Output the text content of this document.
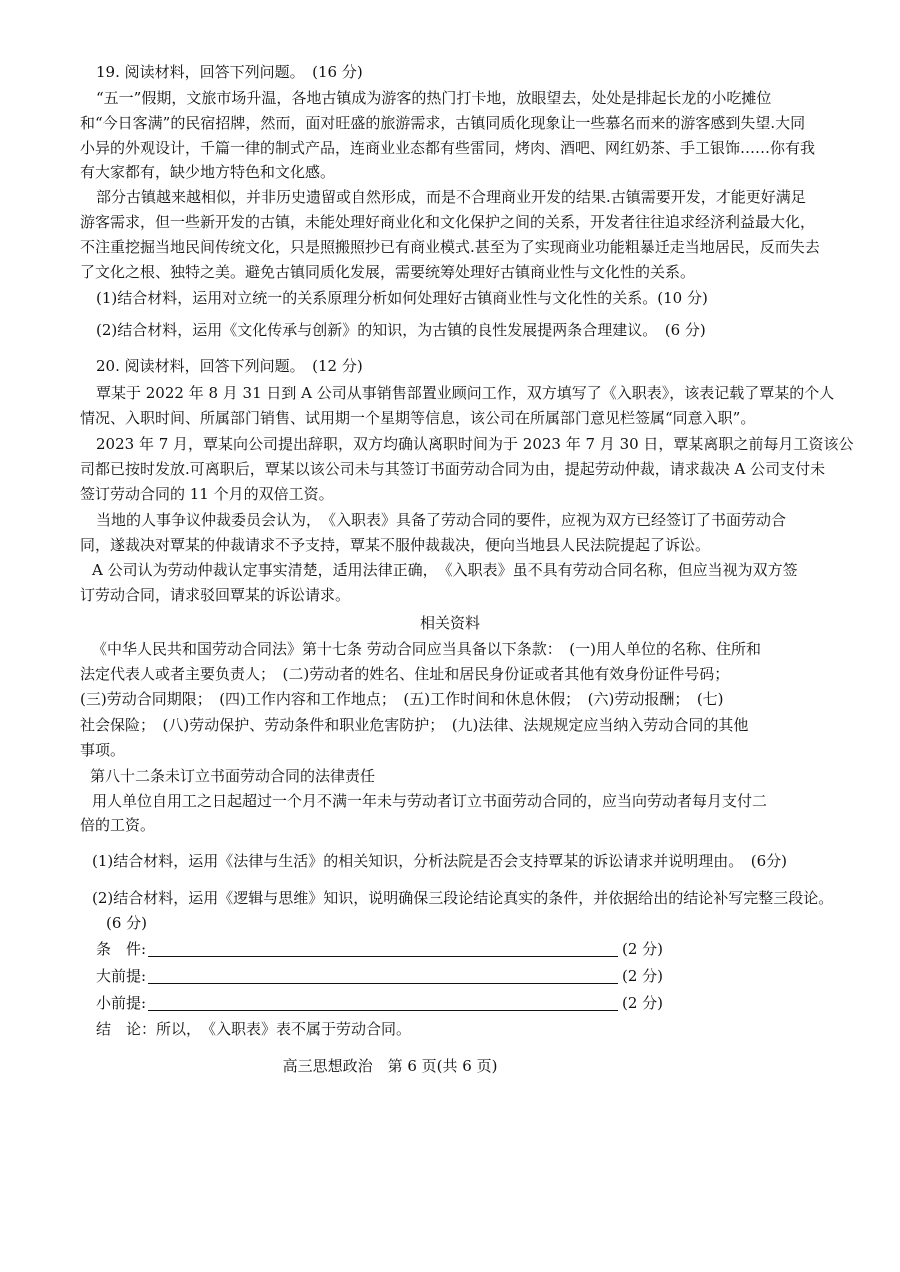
19. 阅读材料，回答下列问题。　(16 分)
“五一”假期，文旅市场升温，各地古镇成为游客的热门打卡地，放眼望去，处处是排起长龙的小吃摊位
和“今日客满”的民宿招牌，然而，面对旺盛的旅游需求，古镇同质化现象让一些慕名而来的游客感到失望.大同
小异的外观设计，千篇一律的制式产品，连商业业态都有些雷同，烤肉、酒吧、网红奶茶、手工银饰……你有我
有大家都有，缺少地方特色和文化感。
部分古镇越来越相似，并非历史遗留或自然形成，而是不合理商业开发的结果.古镇需要开发，才能更好满足
游客需求，但一些新开发的古镇，未能处理好商业化和文化保护之间的关系，开发者往往追求经济利益最大化，
不注重挖掘当地民间传统文化，只是照搬照抄已有商业模式.甚至为了实现商业功能粗暴迁走当地居民，反而失去
了文化之根、独特之美。避免古镇同质化发展，需要统筹处理好古镇商业性与文化性的关系。
(1)结合材料，运用对立统一的关系原理分析如何处理好古镇商业性与文化性的关系。(10 分)
(2)结合材料，运用《文化传承与创新》的知识，为古镇的良性发展提两条合理建议。　(6 分)
20. 阅读材料，回答下列问题。　(12 分)
覃某于 2022 年 8 月 31 日到 A 公司从事销售部置业顾问工作，双方填写了《入职表》，该表记载了覃某的个人
情况、入职时间、所属部门销售、试用期一个星期等信息，该公司在所属部门意见栏签属“同意入职”。
2023 年 7 月，覃某向公司提出辞职，双方均确认离职时间为于 2023 年 7 月 30 日，覃某离职之前每月工资该公
司都已按时发放.可离职后，覃某以该公司未与其签订书面劳动合同为由，提起劳动仲裁，请求裁决 A 公司支付未
签订劳动合同的 11 个月的双倍工资。
当地的人事争议仲裁委员会认为，　《入职表》具备了劳动合同的要件，应视为双方已经签订了书面劳动合
同，遂裁决对覃某的仲裁请求不予支持，覃某不服仲裁裁决，便向当地县人民法院提起了诉讼。
A 公司认为劳动仲裁认定事实清楚，适用法律正确，　《入职表》虽不具有劳动合同名称，但应当视为双方签
订劳动合同，请求驳回覃某的诉讼请求。
相关资料
《中华人民共和国劳动合同法》第十七条 劳动合同应当具备以下条款：　(一)用人单位的名称、住所和
法定代表人或者主要负责人；　(二)劳动者的姓名、住址和居民身份证或者其他有效身份证件号码；
(三)劳动合同期限；　(四)工作内容和工作地点；　(五)工作时间和休息休假；　(六)劳动报酬；　(七)
社会保险；　(八)劳动保护、劳动条件和职业危害防护；　(九)法律、法规规定应当纳入劳动合同的其他
事项。
第八十二条未订立书面劳动合同的法律责任
用人单位自用工之日起超过一个月不满一年未与劳动者订立书面劳动合同的，应当向劳动者每月支付二
倍的工资。
(1)结合材料，运用《法律与生活》的相关知识，分析法院是否会支持覃某的诉讼请求并说明理由。　(6分)
(2)结合材料，运用《逻辑与思维》知识，说明确保三段论结论真实的条件，并依据给出的结论补写完整三段论。
(6 分)
条　件:	(2 分)
大前提:	(2 分)
小前提:	(2 分)
结　论：所以，　《入职表》表不属于劳动合同。
高三思想政治　第 6 页(共 6 页)
